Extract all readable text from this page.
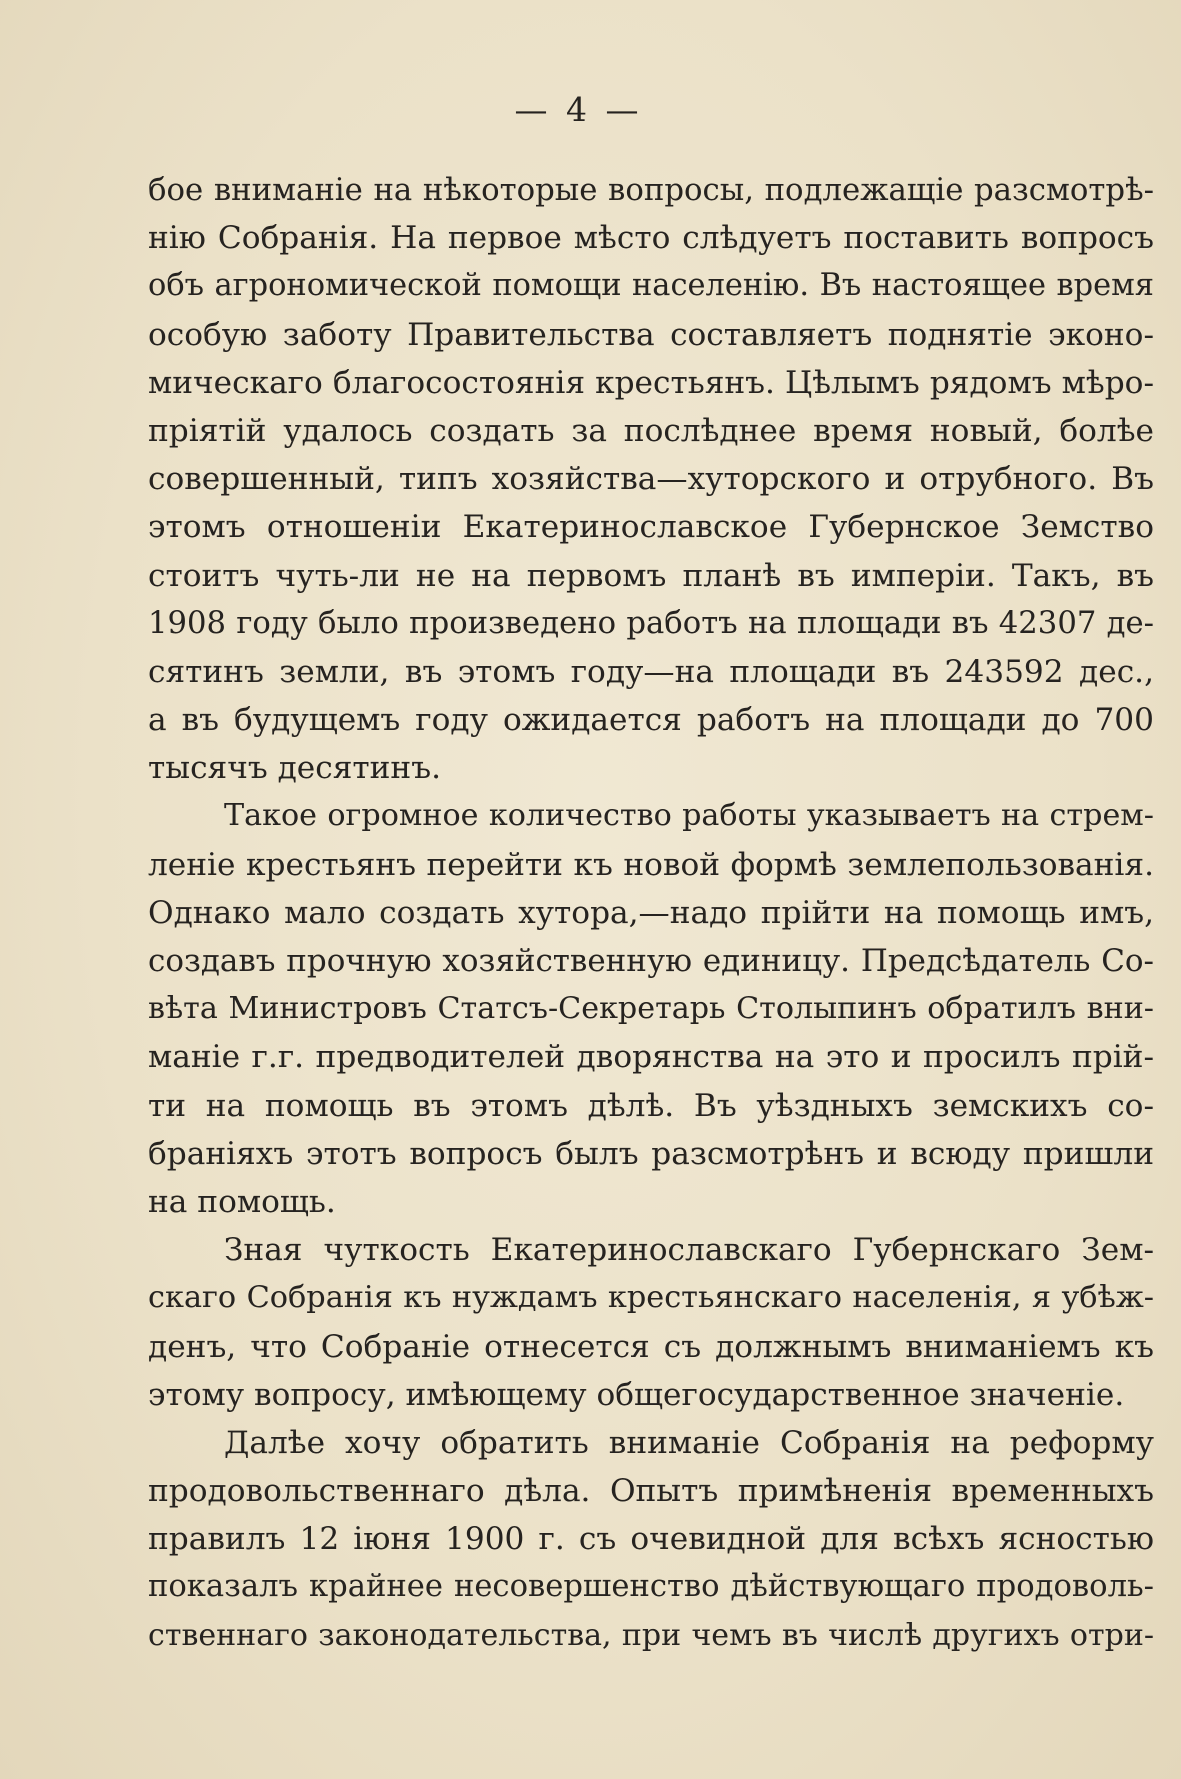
— 4 —
бое вниманіе на нѣкоторые вопросы, подлежащіе разсмотрѣ-
нію Собранія. На первое мѣсто слѣдуетъ поставить вопросъ
объ агрономической помощи населенію. Въ настоящее время
особую заботу Правительства составляетъ поднятіе эконо-
мическаго благосостоянія крестьянъ. Цѣлымъ рядомъ мѣро-
пріятій удалось создать за послѣднее время новый, болѣе
совершенный, типъ хозяйства—хуторского и отрубного. Въ
этомъ отношеніи Екатеринославское Губернское Земство
стоитъ чуть-ли не на первомъ планѣ въ имперіи. Такъ, въ
1908 году было произведено работъ на площади въ 42307 де-
сятинъ земли, въ этомъ году—на площади въ 243592 дес.,
а въ будущемъ году ожидается работъ на площади до 700
тысячъ десятинъ.
Такое огромное количество работы указываетъ на стрем-
леніе крестьянъ перейти къ новой формѣ землепользованія.
Однако мало создать хутора,—надо прійти на помощь имъ,
создавъ прочную хозяйственную единицу. Предсѣдатель Со-
вѣта Министровъ Статсъ-Секретарь Столыпинъ обратилъ вни-
маніе г.г. предводителей дворянства на это и просилъ прій-
ти на помощь въ этомъ дѣлѣ. Въ уѣздныхъ земскихъ со-
браніяхъ этотъ вопросъ былъ разсмотрѣнъ и всюду пришли
на помощь.
Зная чуткость Екатеринославскаго Губернскаго Зем-
скаго Собранія къ нуждамъ крестьянскаго населенія, я убѣж-
денъ, что Собраніе отнесется съ должнымъ вниманіемъ къ
этому вопросу, имѣющему общегосударственное значеніе.
Далѣе хочу обратить вниманіе Собранія на реформу
продовольственнаго дѣла. Опытъ примѣненія временныхъ
правилъ 12 іюня 1900 г. съ очевидной для всѣхъ ясностью
показалъ крайнее несовершенство дѣйствующаго продоволь-
ственнаго законодательства, при чемъ въ числѣ другихъ отри-
